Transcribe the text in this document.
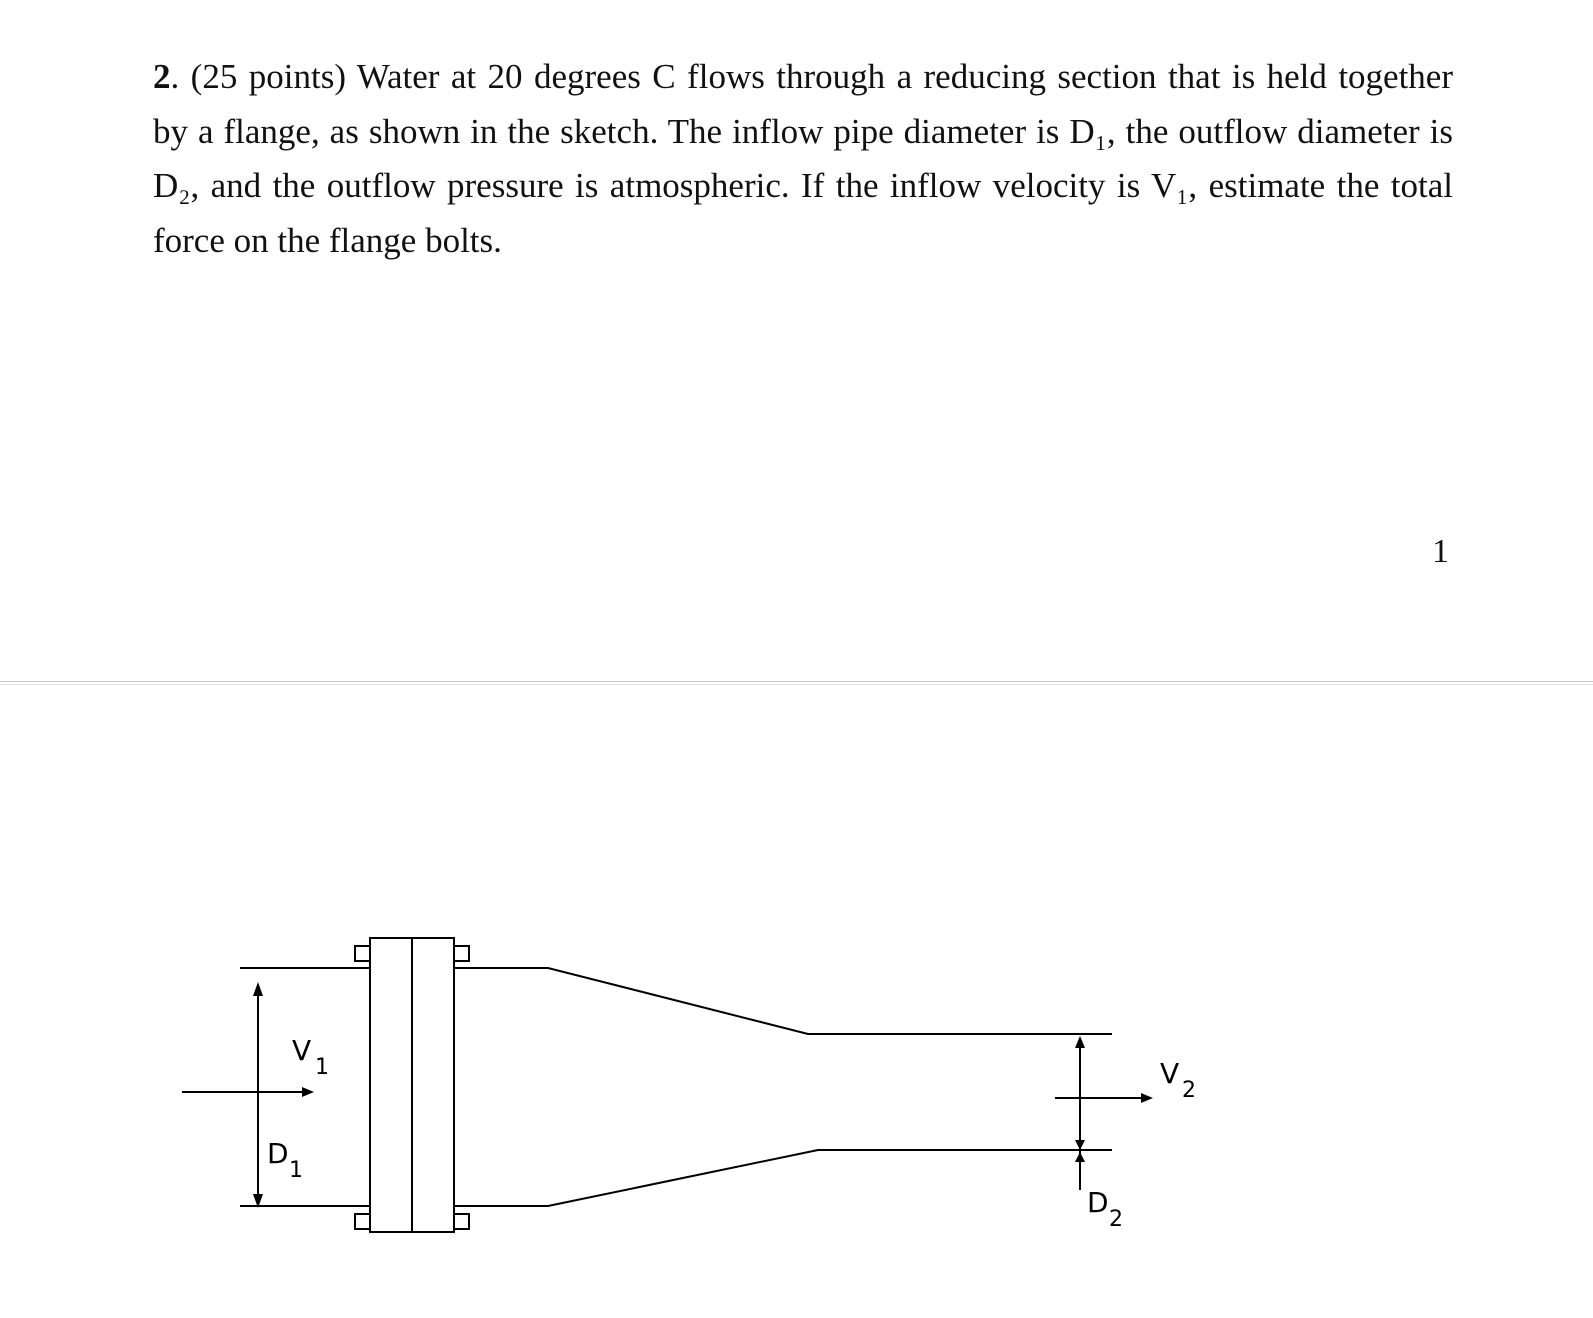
2. (25 points) Water at 20 degrees C flows through a reducing section that is held together by a flange, as shown in the sketch. The inflow pipe diameter is D₁, the outflow diameter is D₂, and the outflow pressure is atmospheric. If the inflow velocity is V₁, estimate the total force on the flange bolts.

1
V
1
D
1
V
2
D
2
